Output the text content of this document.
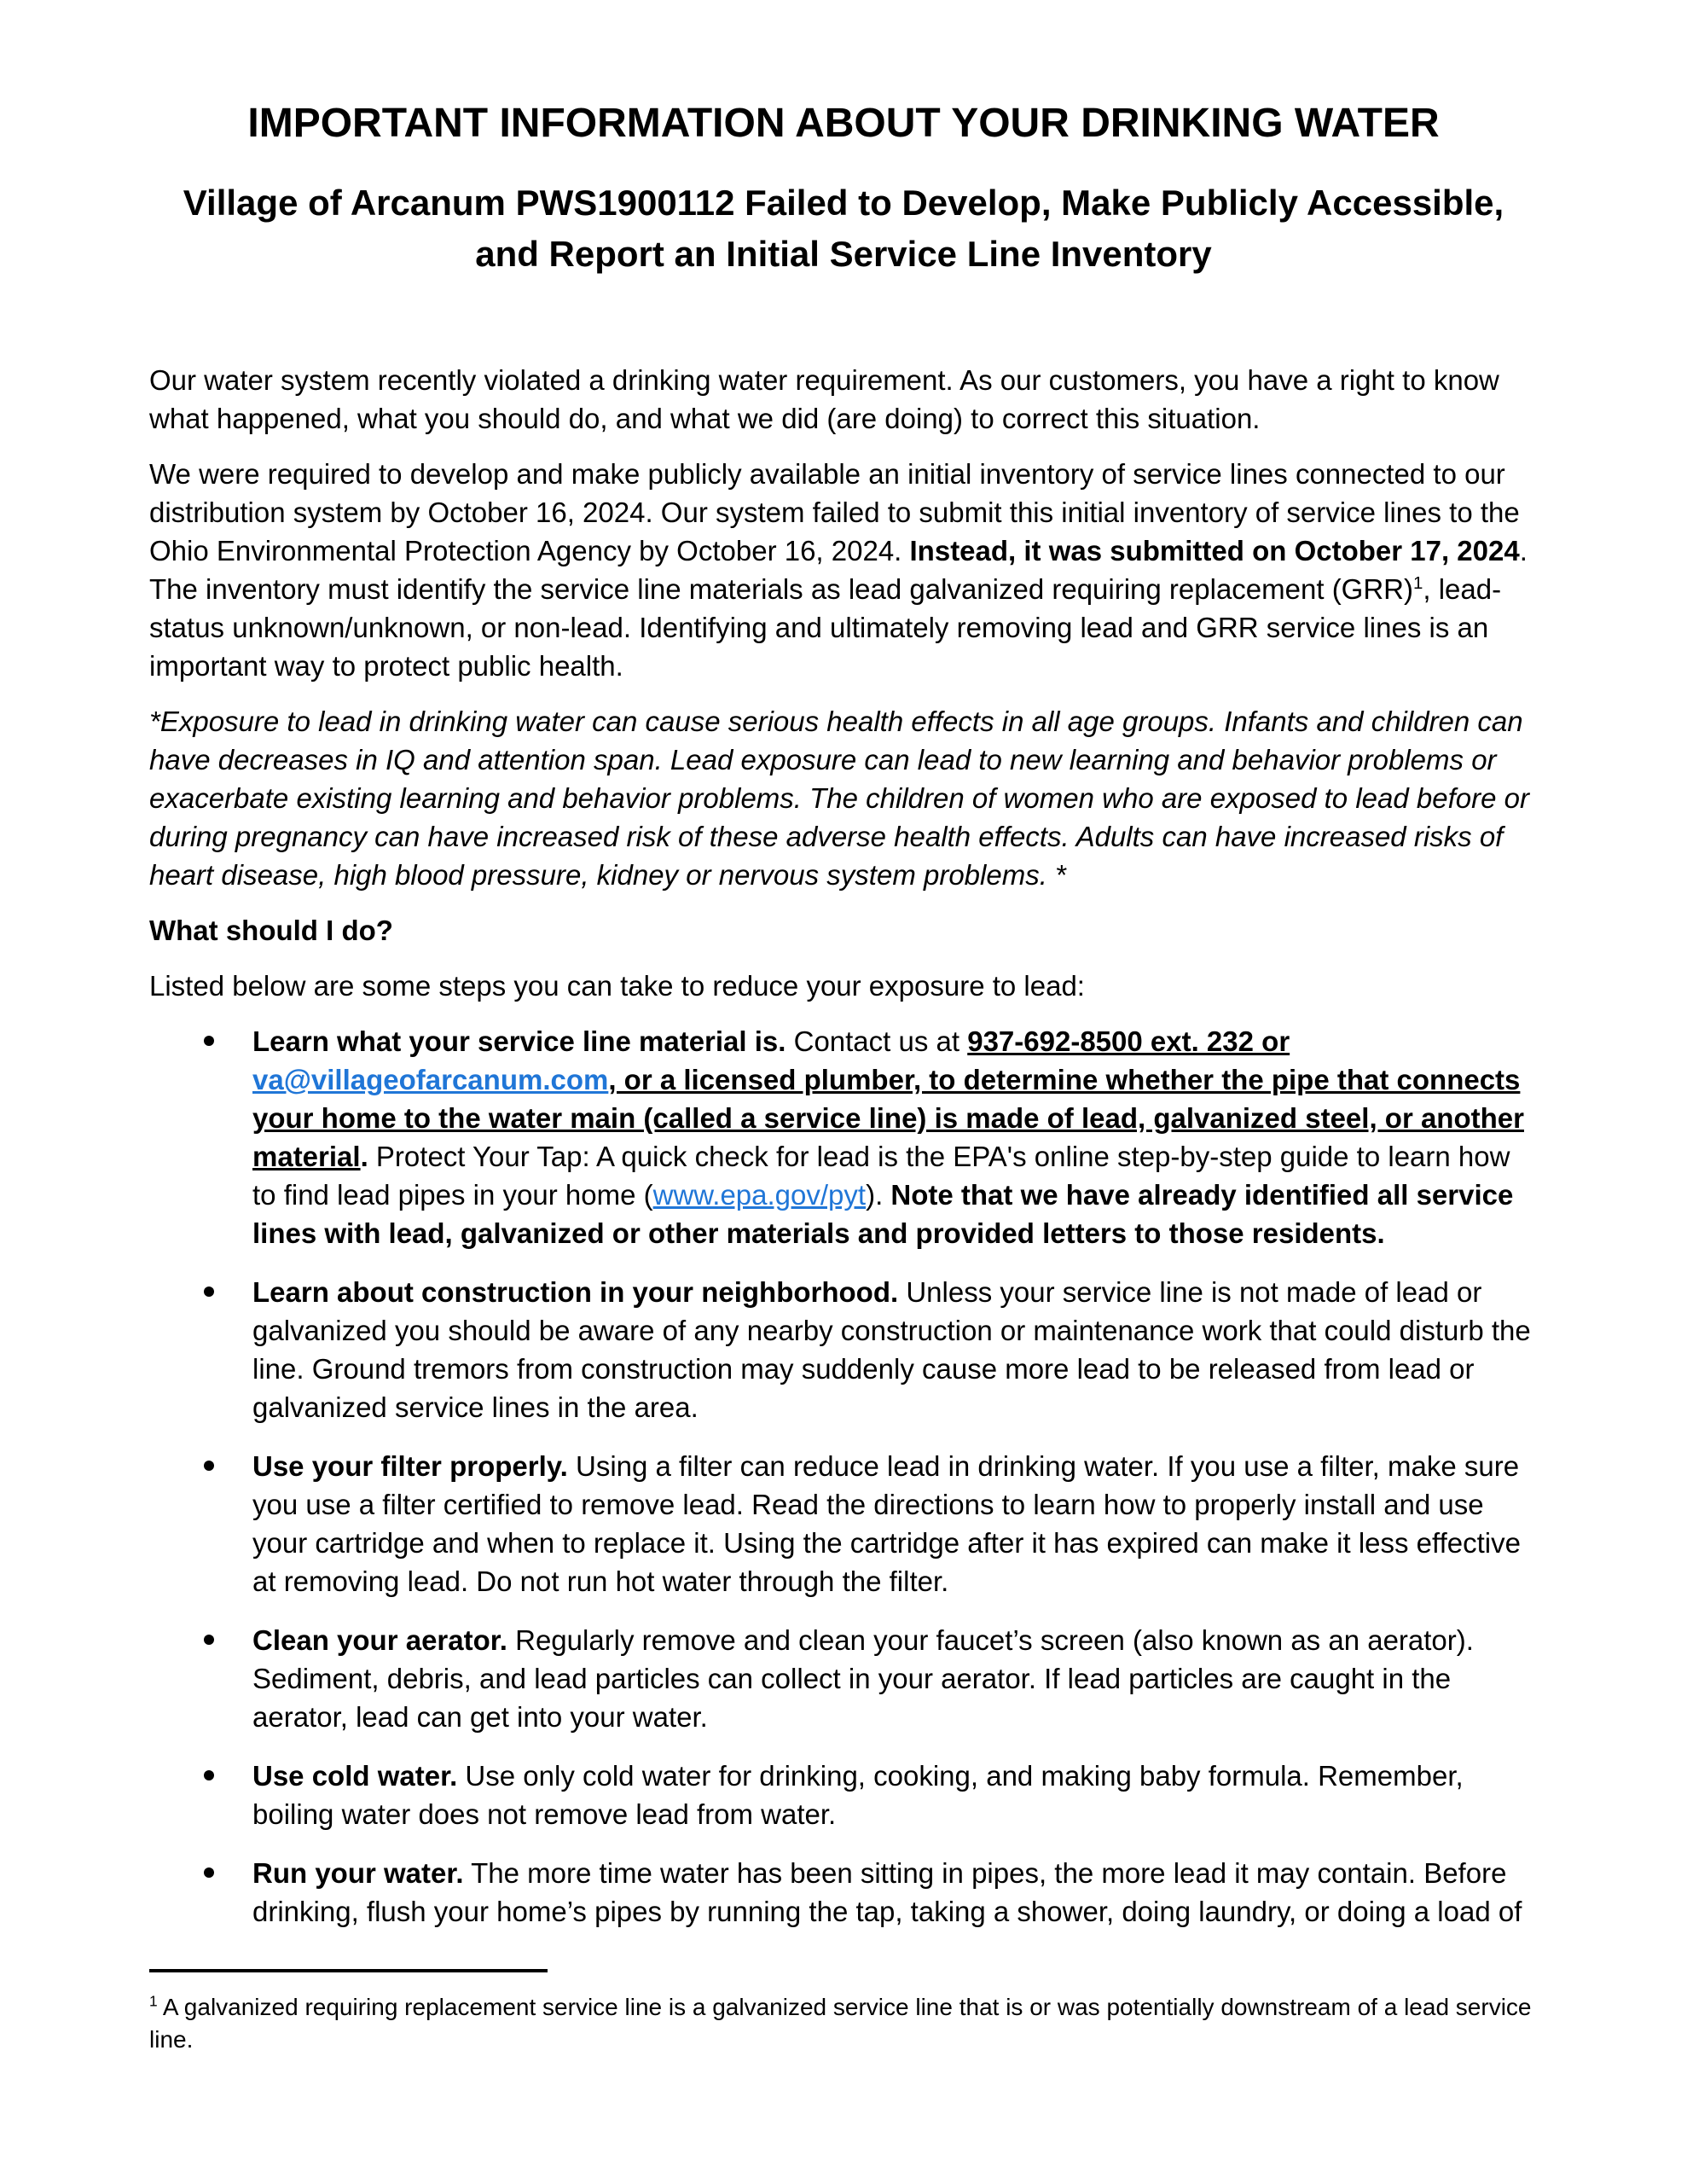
IMPORTANT INFORMATION ABOUT YOUR DRINKING WATER
Village of Arcanum PWS1900112 Failed to Develop, Make Publicly Accessible, and Report an Initial Service Line Inventory
Our water system recently violated a drinking water requirement. As our customers, you have a right to know what happened, what you should do, and what we did (are doing) to correct this situation.
We were required to develop and make publicly available an initial inventory of service lines connected to our distribution system by October 16, 2024. Our system failed to submit this initial inventory of service lines to the Ohio Environmental Protection Agency by October 16, 2024. Instead, it was submitted on October 17, 2024. The inventory must identify the service line materials as lead galvanized requiring replacement (GRR)$^1$, lead-status unknown/unknown, or non-lead. Identifying and ultimately removing lead and GRR service lines is an important way to protect public health.
*Exposure to lead in drinking water can cause serious health effects in all age groups. Infants and children can have decreases in IQ and attention span. Lead exposure can lead to new learning and behavior problems or exacerbate existing learning and behavior problems. The children of women who are exposed to lead before or during pregnancy can have increased risk of these adverse health effects. Adults can have increased risks of heart disease, high blood pressure, kidney or nervous system problems. *
What should I do?
Listed below are some steps you can take to reduce your exposure to lead:
Learn what your service line material is. Contact us at 937-692-8500 ext. 232 or va@villageofarcanum.com, or a licensed plumber, to determine whether the pipe that connects your home to the water main (called a service line) is made of lead, galvanized steel, or another material. Protect Your Tap: A quick check for lead is the EPA's online step-by-step guide to learn how to find lead pipes in your home (www.epa.gov/pyt). Note that we have already identified all service lines with lead, galvanized or other materials and provided letters to those residents.
Learn about construction in your neighborhood. Unless your service line is not made of lead or galvanized you should be aware of any nearby construction or maintenance work that could disturb the line. Ground tremors from construction may suddenly cause more lead to be released from lead or galvanized service lines in the area.
Use your filter properly. Using a filter can reduce lead in drinking water. If you use a filter, make sure you use a filter certified to remove lead. Read the directions to learn how to properly install and use your cartridge and when to replace it. Using the cartridge after it has expired can make it less effective at removing lead. Do not run hot water through the filter.
Clean your aerator. Regularly remove and clean your faucet’s screen (also known as an aerator). Sediment, debris, and lead particles can collect in your aerator. If lead particles are caught in the aerator, lead can get into your water.
Use cold water. Use only cold water for drinking, cooking, and making baby formula. Remember, boiling water does not remove lead from water.
Run your water. The more time water has been sitting in pipes, the more lead it may contain. Before drinking, flush your home’s pipes by running the tap, taking a shower, doing laundry, or doing a load of
$^1$ A galvanized requiring replacement service line is a galvanized service line that is or was potentially downstream of a lead service line.
